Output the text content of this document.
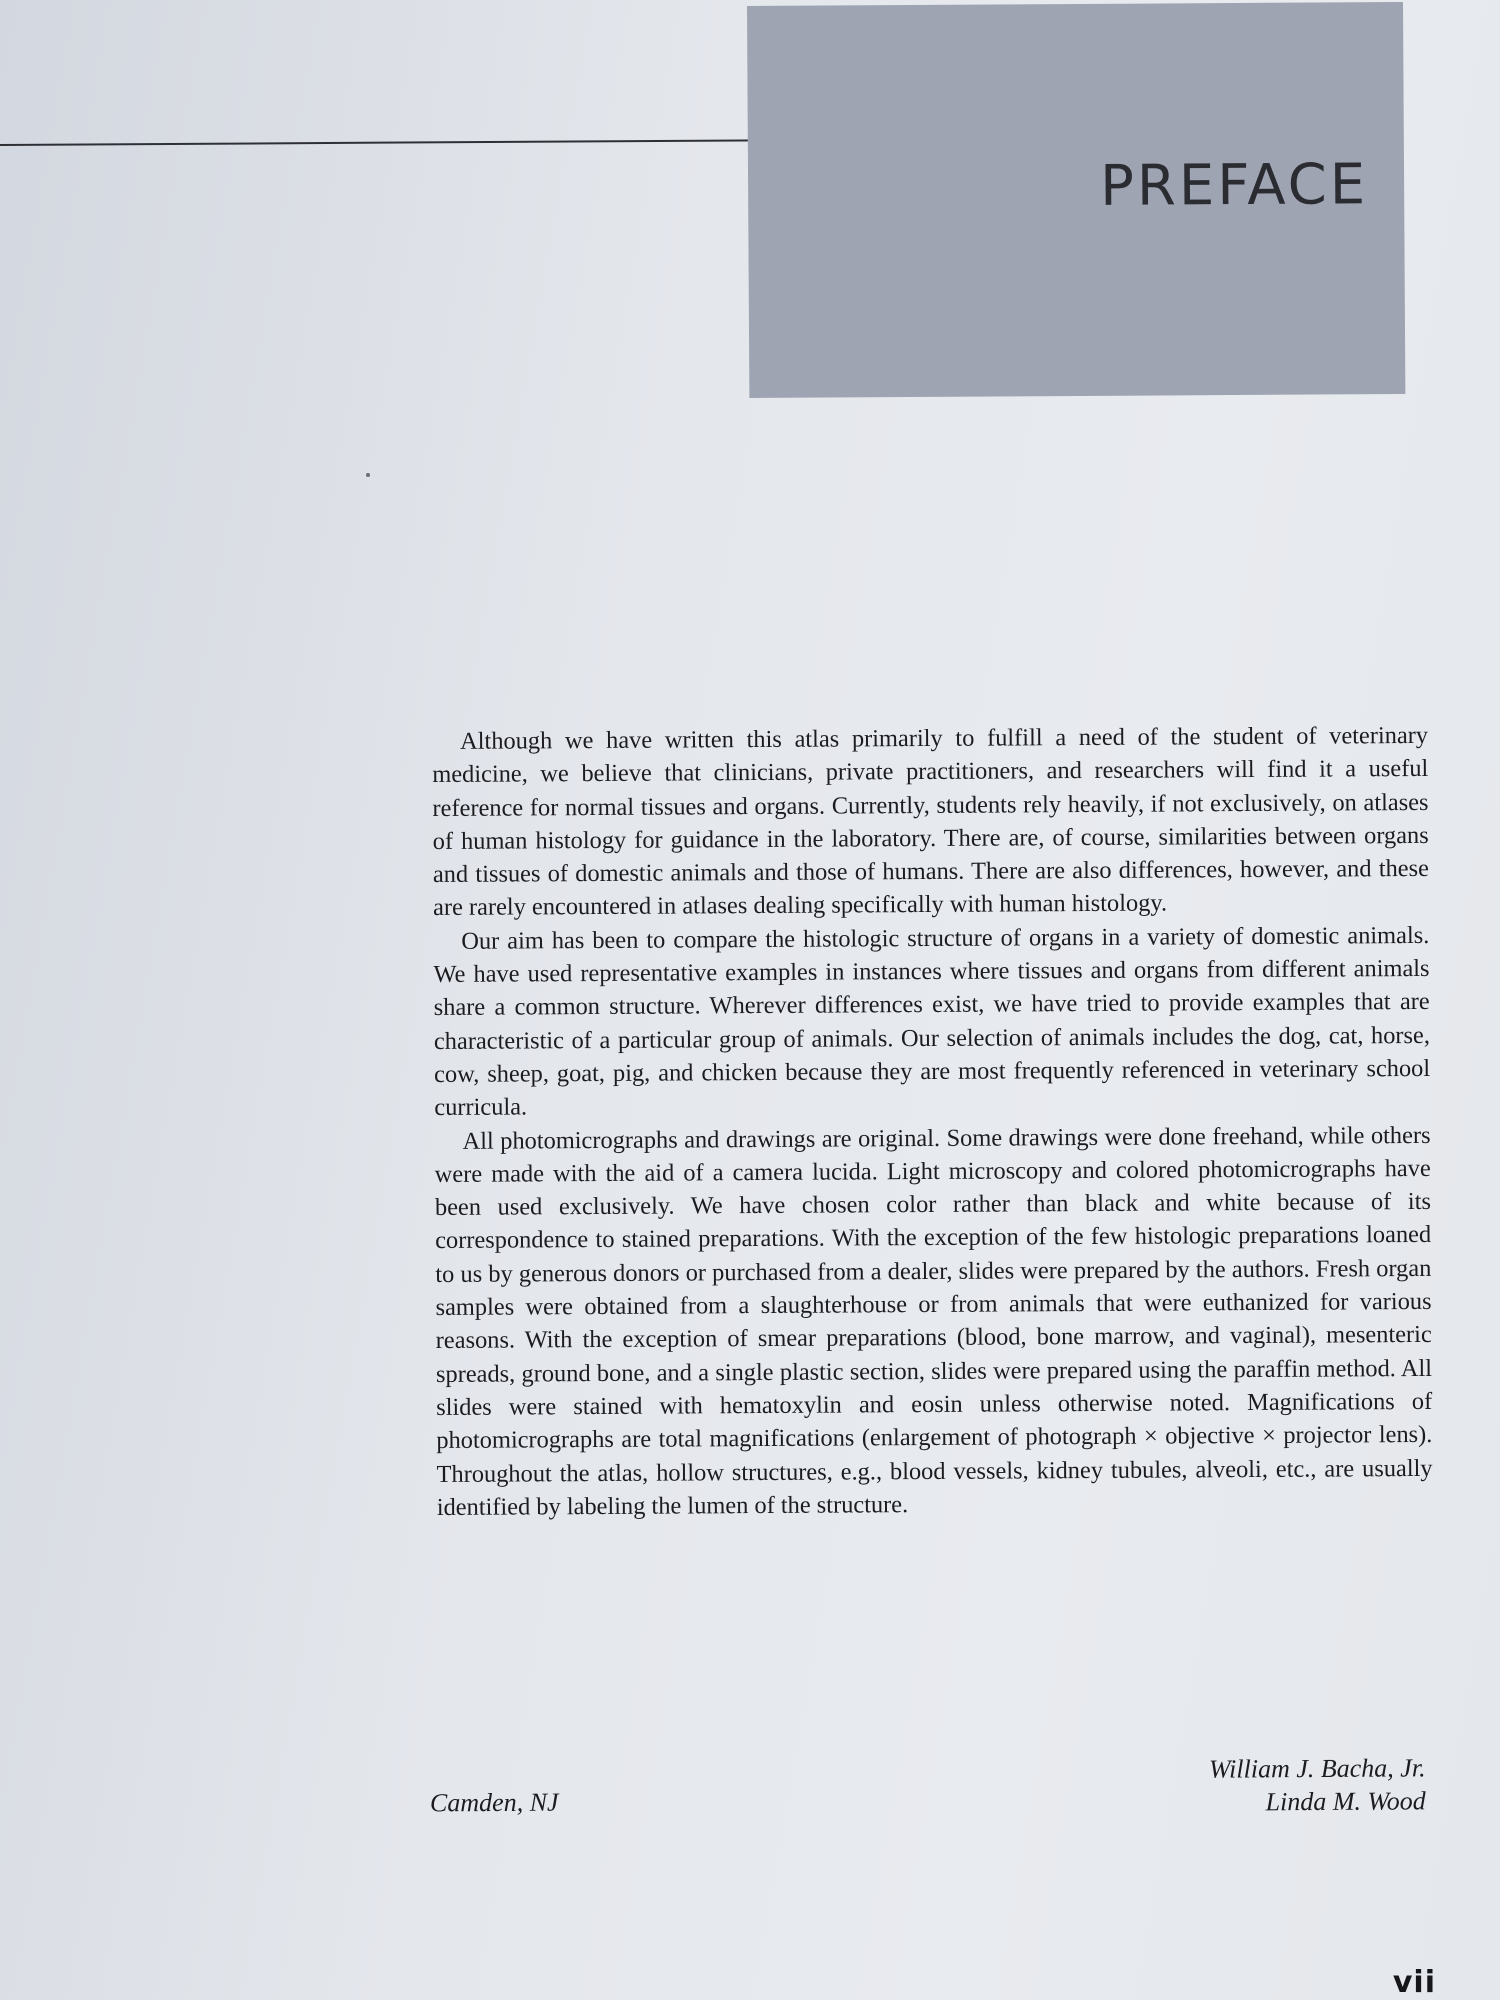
PREFACE

Although we have written this atlas primarily to fulfill a need of the student of veterinary medicine, we believe that clinicians, private practitioners, and researchers will find it a useful reference for normal tissues and organs. Currently, students rely heavily, if not exclusively, on atlases of human histology for guidance in the laboratory. There are, of course, similarities between organs and tissues of domestic animals and those of humans. There are also differences, however, and these are rarely encountered in atlases dealing specifically with human histology.

Our aim has been to compare the histologic structure of organs in a variety of domestic animals. We have used representative examples in instances where tissues and organs from different animals share a common structure. Wherever differences exist, we have tried to provide examples that are characteristic of a particular group of animals. Our selection of animals includes the dog, cat, horse, cow, sheep, goat, pig, and chicken because they are most frequently referenced in veterinary school curricula.

All photomicrographs and drawings are original. Some drawings were done freehand, while others were made with the aid of a camera lucida. Light microscopy and colored photomicrographs have been used exclusively. We have chosen color rather than black and white because of its correspondence to stained preparations. With the exception of the few histologic preparations loaned to us by generous donors or purchased from a dealer, slides were prepared by the authors. Fresh organ samples were obtained from a slaughterhouse or from animals that were euthanized for various reasons. With the exception of smear preparations (blood, bone marrow, and vaginal), mesenteric spreads, ground bone, and a single plastic section, slides were prepared using the paraffin method. All slides were stained with hematoxylin and eosin unless otherwise noted. Magnifications of photomicrographs are total magnifications (enlargement of photograph × objective × projector lens). Throughout the atlas, hollow structures, e.g., blood vessels, kidney tubules, alveoli, etc., are usually identified by labeling the lumen of the structure.

Camden, NJ
William J. Bacha, Jr.
Linda M. Wood
vii
